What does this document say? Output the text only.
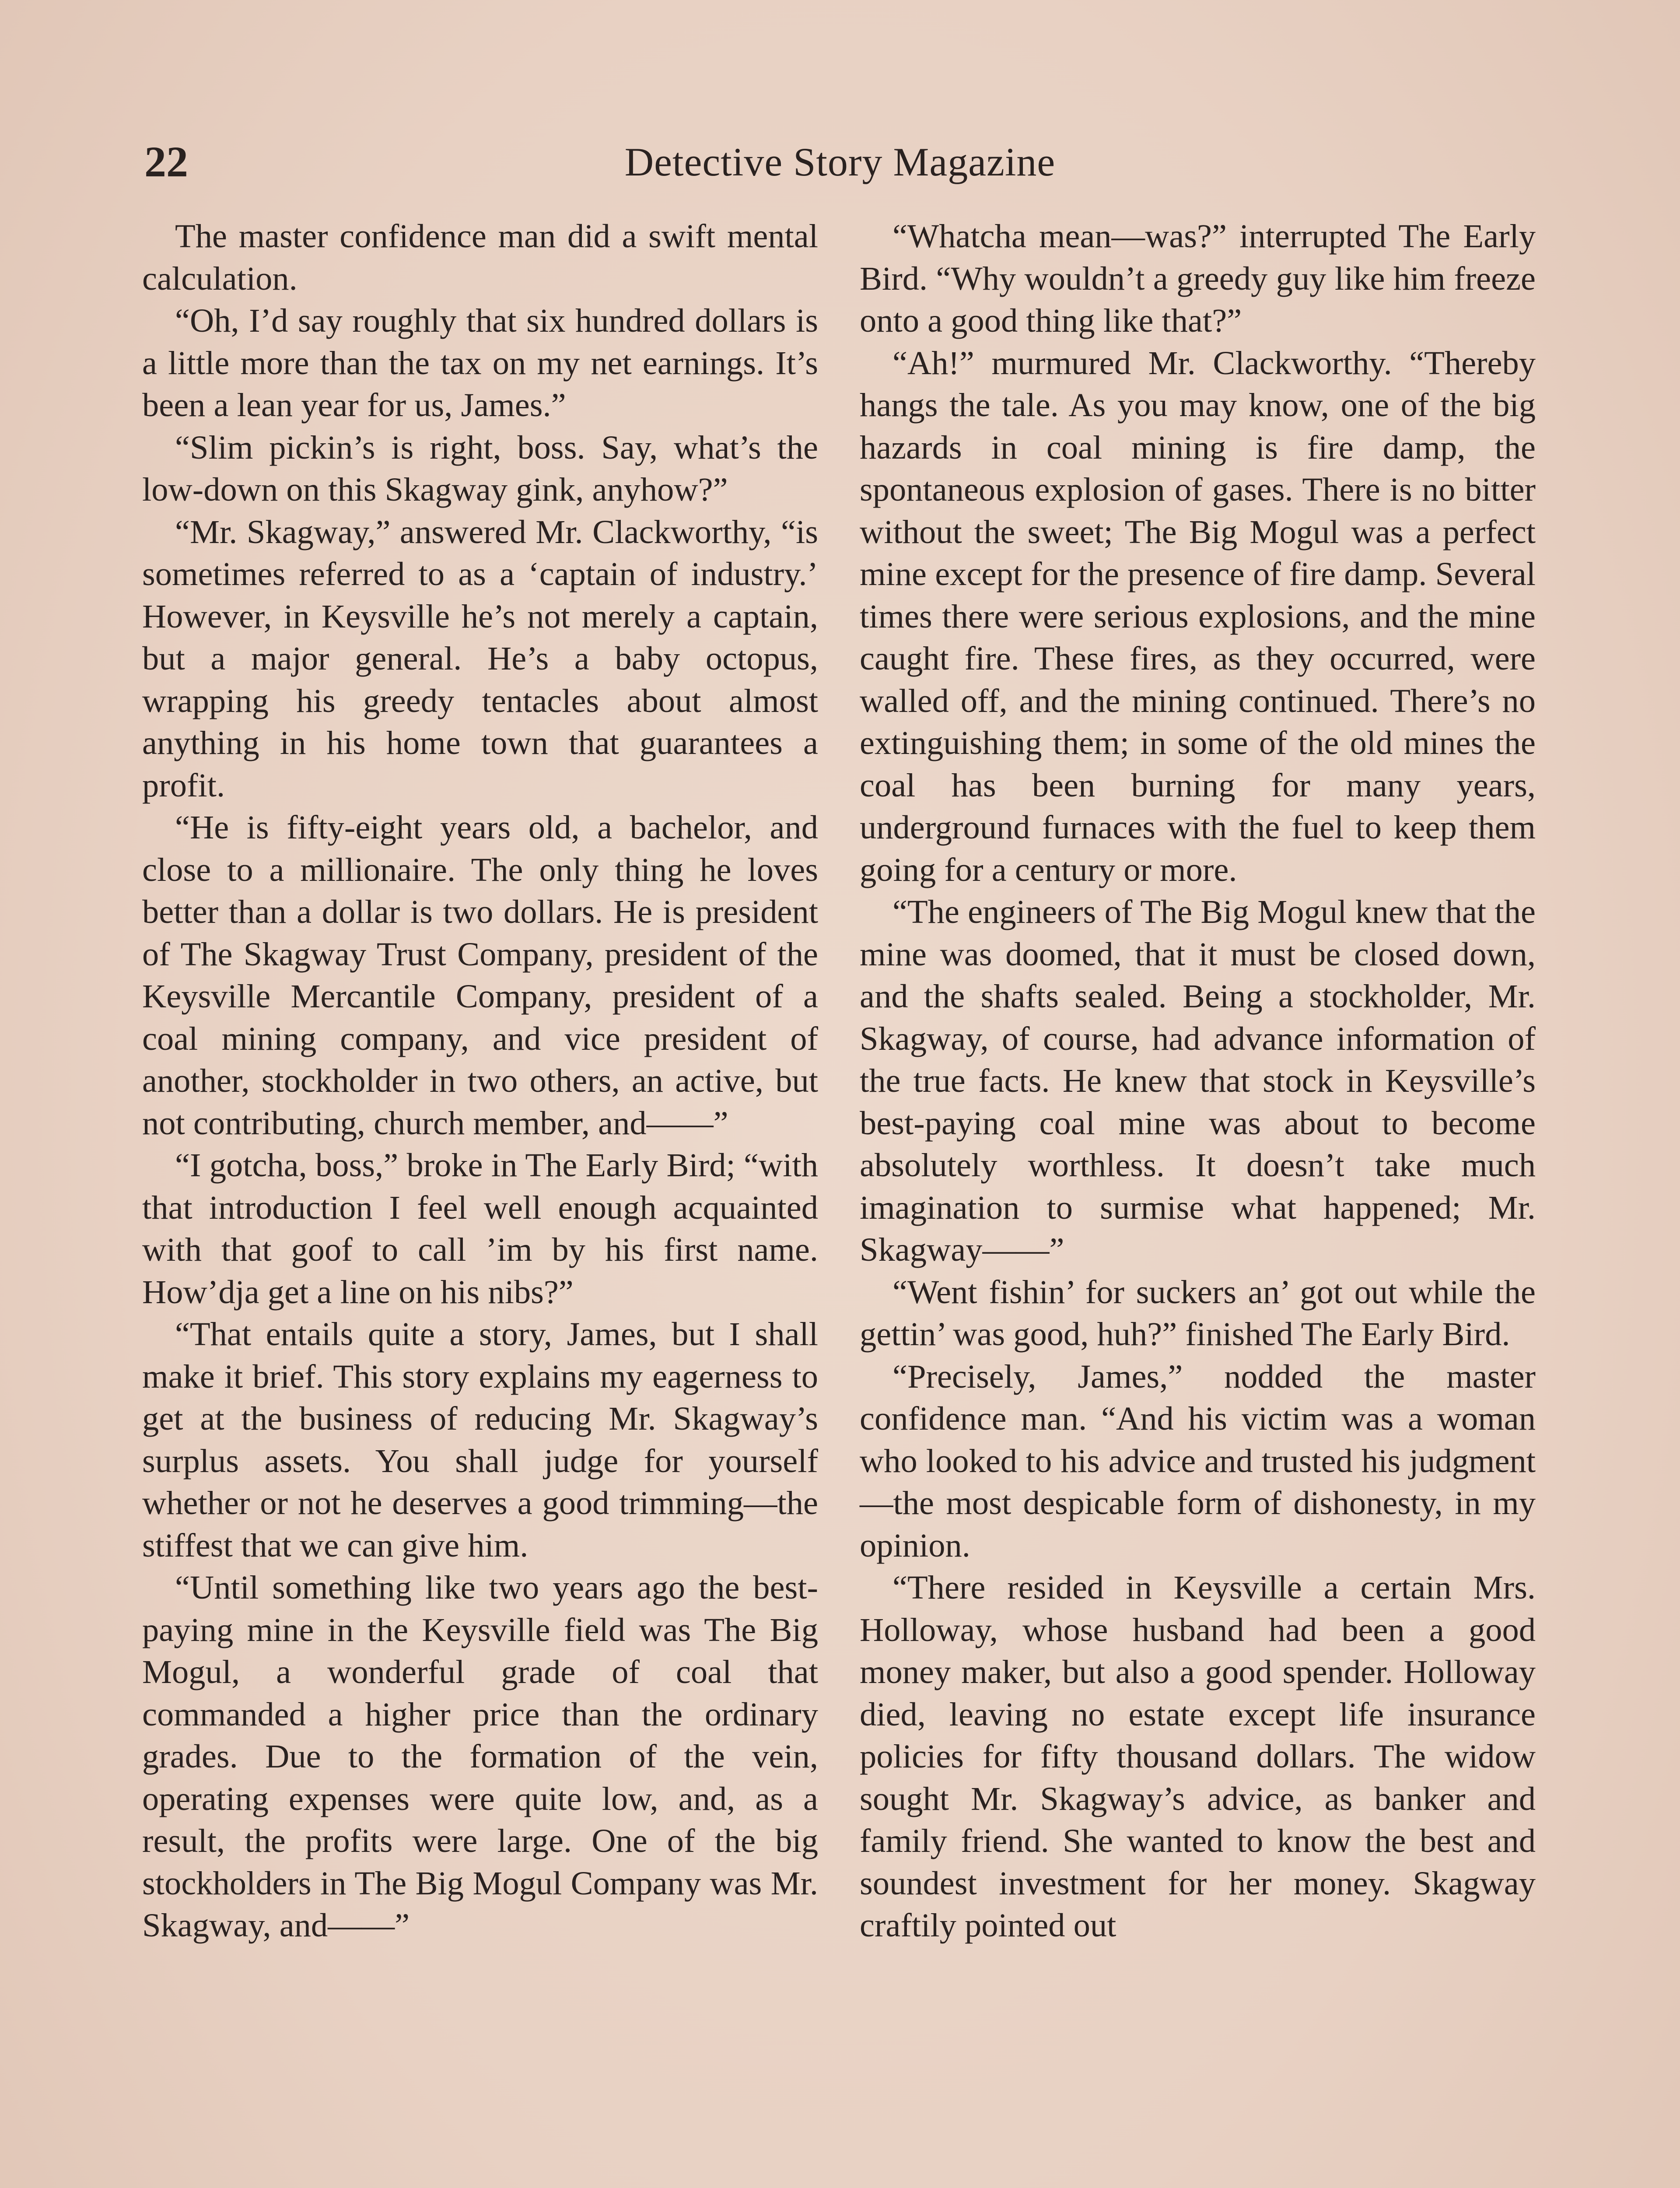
22	Detective Story Magazine

The master confidence man did a swift mental calculation.

“Oh, I’d say roughly that six hundred dollars is a little more than the tax on my net earnings. It’s been a lean year for us, James.”

“Slim pickin’s is right, boss. Say, what’s the low-down on this Skagway gink, anyhow?”

“Mr. Skagway,” answered Mr. Clackworthy, “is sometimes referred to as a ‘captain of industry.’ However, in Keysville he’s not merely a captain, but a major general. He’s a baby octopus, wrapping his greedy tentacles about almost anything in his home town that guarantees a profit.

“He is fifty-eight years old, a bachelor, and close to a millionaire. The only thing he loves better than a dollar is two dollars. He is president of The Skagway Trust Company, president of the Keysville Mercantile Company, president of a coal mining company, and vice president of another, stockholder in two others, an active, but not contributing, church member, and——”

“I gotcha, boss,” broke in The Early Bird; “with that introduction I feel well enough acquainted with that goof to call ’im by his first name. How’dja get a line on his nibs?”

“That entails quite a story, James, but I shall make it brief. This story explains my eagerness to get at the business of reducing Mr. Skagway’s surplus assets. You shall judge for yourself whether or not he deserves a good trimming—the stiffest that we can give him.

“Until something like two years ago the best-paying mine in the Keysville field was The Big Mogul, a wonderful grade of coal that commanded a higher price than the ordinary grades. Due to the formation of the vein, operating expenses were quite low, and, as a result, the profits were large. One of the big stockholders in The Big Mogul Company was Mr. Skagway, and——”

“Whatcha mean—was?” interrupted The Early Bird. “Why wouldn’t a greedy guy like him freeze onto a good thing like that?”

“Ah!” murmured Mr. Clackworthy. “Thereby hangs the tale. As you may know, one of the big hazards in coal mining is fire damp, the spontaneous explosion of gases. There is no bitter without the sweet; The Big Mogul was a perfect mine except for the presence of fire damp. Several times there were serious explosions, and the mine caught fire. These fires, as they occurred, were walled off, and the mining continued. There’s no extinguishing them; in some of the old mines the coal has been burning for many years, underground furnaces with the fuel to keep them going for a century or more.

“The engineers of The Big Mogul knew that the mine was doomed, that it must be closed down, and the shafts sealed. Being a stockholder, Mr. Skagway, of course, had advance information of the true facts. He knew that stock in Keysville’s best-paying coal mine was about to become absolutely worthless. It doesn’t take much imagination to surmise what happened; Mr. Skagway——”

“Went fishin’ for suckers an’ got out while the gettin’ was good, huh?” finished The Early Bird.

“Precisely, James,” nodded the master confidence man. “And his victim was a woman who looked to his advice and trusted his judgment—the most despicable form of dishonesty, in my opinion.

“There resided in Keysville a certain Mrs. Holloway, whose husband had been a good money maker, but also a good spender. Holloway died, leaving no estate except life insurance policies for fifty thousand dollars. The widow sought Mr. Skagway’s advice, as banker and family friend. She wanted to know the best and soundest investment for her money. Skagway craftily pointed out
